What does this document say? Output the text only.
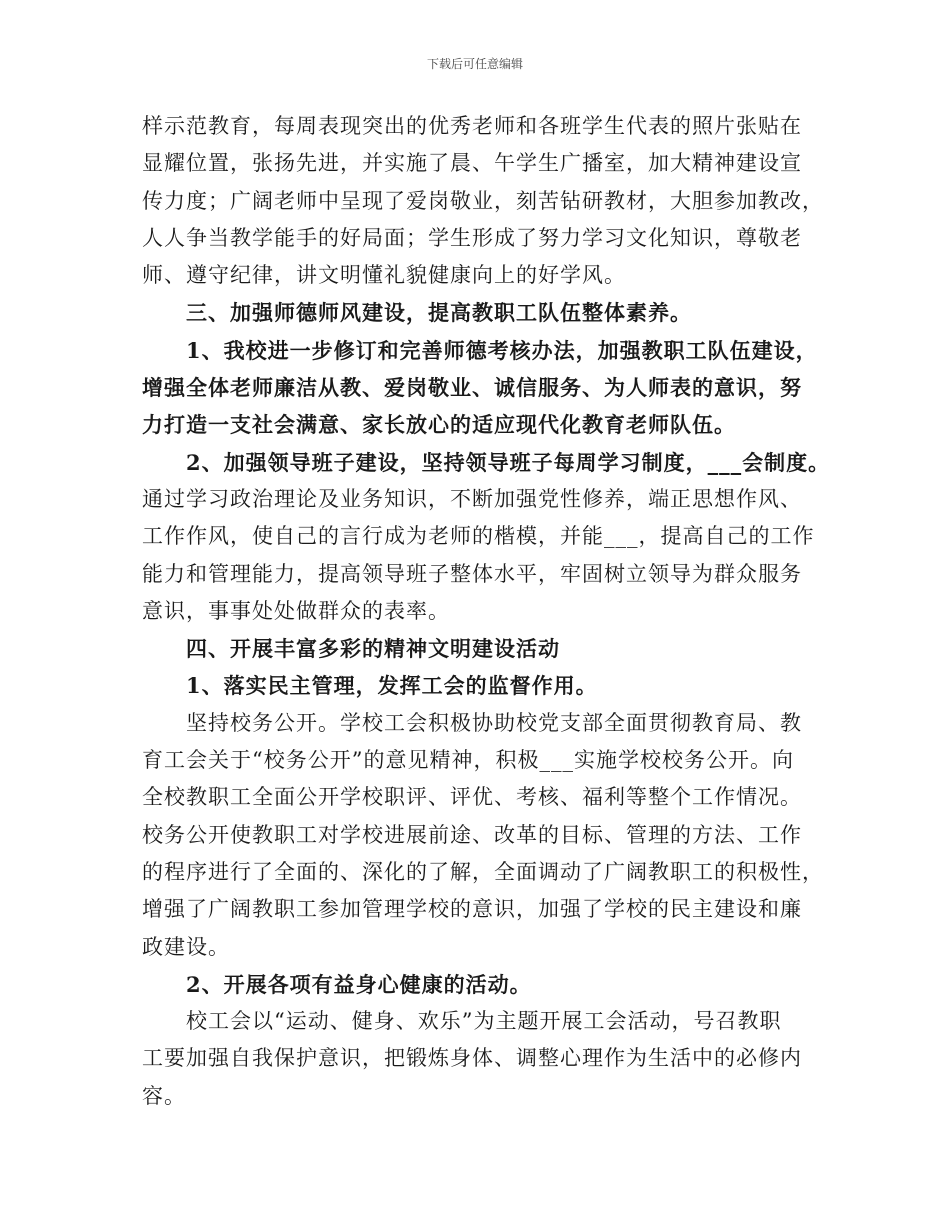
下载后可任意编辑
样示范教育，每周表现突出的优秀老师和各班学生代表的照片张贴在
显耀位置，张扬先进，并实施了晨、午学生广播室，加大精神建设宣
传力度；广阔老师中呈现了爱岗敬业，刻苦钻研教材，大胆参加教改，
人人争当教学能手的好局面；学生形成了努力学习文化知识，尊敬老
师、遵守纪律，讲文明懂礼貌健康向上的好学风。
三、加强师德师风建设，提高教职工队伍整体素养。
1、我校进一步修订和完善师德考核办法，加强教职工队伍建设，
增强全体老师廉洁从教、爱岗敬业、诚信服务、为人师表的意识，努
力打造一支社会满意、家长放心的适应现代化教育老师队伍。
2、加强领导班子建设，坚持领导班子每周学习制度，___会制度。
通过学习政治理论及业务知识，不断加强党性修养，端正思想作风、
工作作风，使自己的言行成为老师的楷模，并能___，提高自己的工作
能力和管理能力，提高领导班子整体水平，牢固树立领导为群众服务
意识，事事处处做群众的表率。
四、开展丰富多彩的精神文明建设活动
1、落实民主管理，发挥工会的监督作用。
坚持校务公开。学校工会积极协助校党支部全面贯彻教育局、教
育工会关于“校务公开”的意见精神，积极___实施学校校务公开。向
全校教职工全面公开学校职评、评优、考核、福利等整个工作情况。
校务公开使教职工对学校进展前途、改革的目标、管理的方法、工作
的程序进行了全面的、深化的了解，全面调动了广阔教职工的积极性，
增强了广阔教职工参加管理学校的意识，加强了学校的民主建设和廉
政建设。
2、开展各项有益身心健康的活动。
校工会以“运动、健身、欢乐”为主题开展工会活动，号召教职
工要加强自我保护意识，把锻炼身体、调整心理作为生活中的必修内
容。
